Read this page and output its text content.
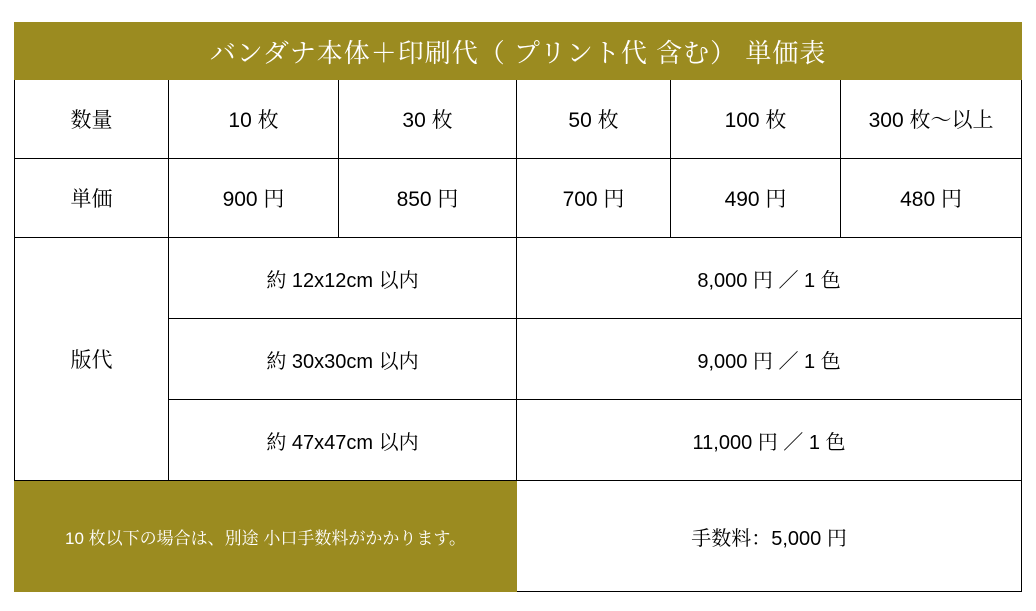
バンダナ本体＋印刷代（ プリント代 含む） 単価表					
数量	10 枚	30 枚	50 枚	100 枚	300 枚〜以上
単価	900 円	850 円	700 円	490 円	480 円
版代	約 12x12cm 以内		8,000 円 ／ 1 色		
	約 30x30cm 以内		9,000 円 ／ 1 色		
	約 47x47cm 以内		11,000 円 ／ 1 色		
10 枚以下の場合は、別途 小口手数料がかかります。			手数料：5,000 円		
